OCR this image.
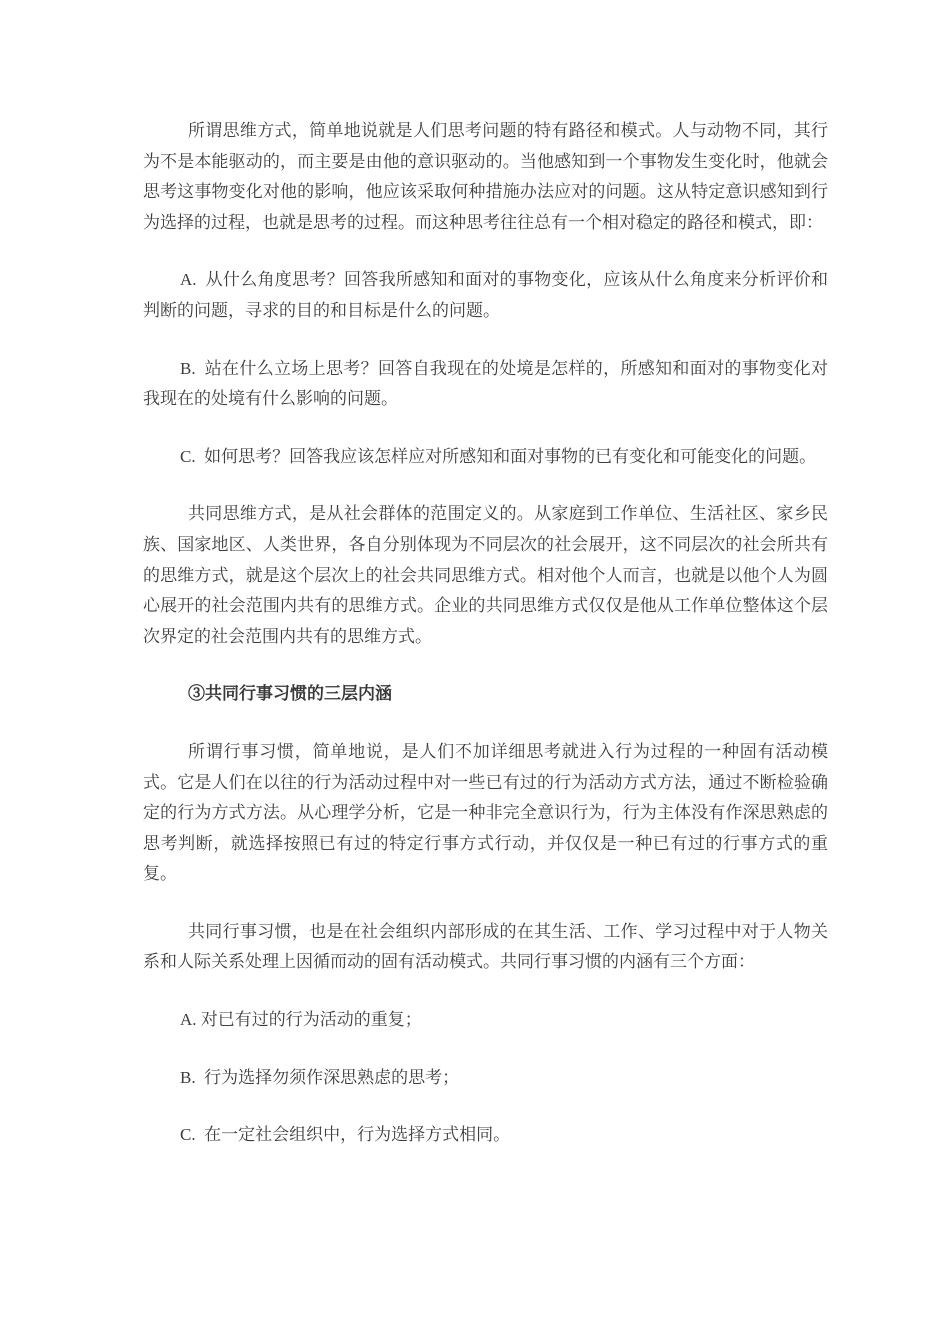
所谓思维方式，简单地说就是人们思考问题的特有路径和模式。人与动物不同，其行为不是本能驱动的，而主要是由他的意识驱动的。当他感知到一个事物发生变化时，他就会思考这事物变化对他的影响，他应该采取何种措施办法应对的问题。这从特定意识感知到行为选择的过程，也就是思考的过程。而这种思考往往总有一个相对稳定的路径和模式，即：

A.  从什么角度思考？回答我所感知和面对的事物变化，应该从什么角度来分析评价和判断的问题，寻求的目的和目标是什么的问题。

B.  站在什么立场上思考？回答自我现在的处境是怎样的，所感知和面对的事物变化对我现在的处境有什么影响的问题。

C.  如何思考？回答我应该怎样应对所感知和面对事物的已有变化和可能变化的问题。

共同思维方式，是从社会群体的范围定义的。从家庭到工作单位、生活社区、家乡民族、国家地区、人类世界，各自分别体现为不同层次的社会展开，这不同层次的社会所共有的思维方式，就是这个层次上的社会共同思维方式。相对他个人而言，也就是以他个人为圆心展开的社会范围内共有的思维方式。企业的共同思维方式仅仅是他从工作单位整体这个层次界定的社会范围内共有的思维方式。

③共同行事习惯的三层内涵

所谓行事习惯，简单地说，是人们不加详细思考就进入行为过程的一种固有活动模式。它是人们在以往的行为活动过程中对一些已有过的行为活动方式方法，通过不断检验确定的行为方式方法。从心理学分析，它是一种非完全意识行为，行为主体没有作深思熟虑的思考判断，就选择按照已有过的特定行事方式行动，并仅仅是一种已有过的行事方式的重复。

共同行事习惯，也是在社会组织内部形成的在其生活、工作、学习过程中对于人物关系和人际关系处理上因循而动的固有活动模式。共同行事习惯的内涵有三个方面：

A. 对已有过的行为活动的重复；

B.  行为选择勿须作深思熟虑的思考；

C.  在一定社会组织中，行为选择方式相同。
